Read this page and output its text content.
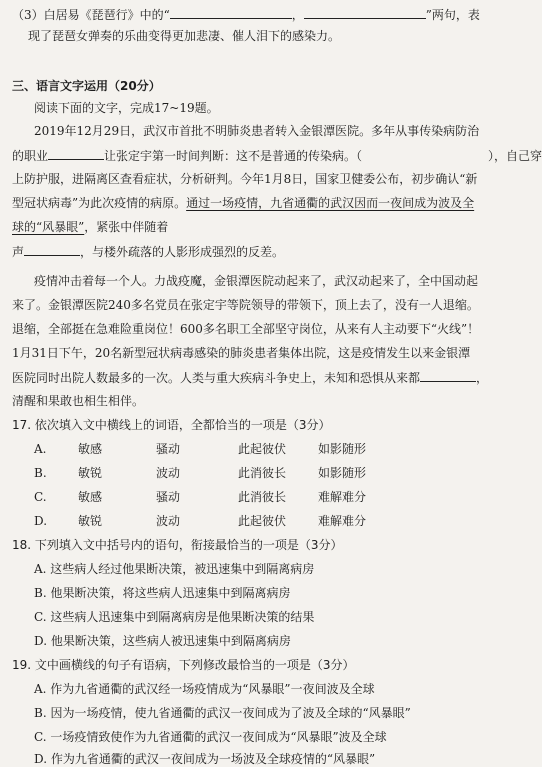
（3）白居易《琵琶行》中的“	，	”两句，表
现了琵琶女弹奏的乐曲变得更加悲凄、催人泪下的感染力。
三、语言文字运用（20分）
阅读下面的文字，完成17~19题。
2019年12月29日，武汉市首批不明肺炎患者转入金银潭医院。多年从事传染病防治
的职业	让张定宇第一时间判断：这不是普通的传染病。（	），自己穿
上防护服，进隔离区查看症状，分析研判。今年1月8日，国家卫健委公布，初步确认“新
型冠状病毒”为此次疫情的病原。通过一场疫情，九省通衢的武汉因而一夜间成为波及全
球的“风暴眼”，紧张中伴随着
声	，与楼外疏落的人影形成强烈的反差。
疫情冲击着每一个人。力战疫魔，金银潭医院动起来了，武汉动起来了，全中国动起
来了。金银潭医院240多名党员在张定宇等院领导的带领下，顶上去了，没有一人退缩。
退缩，全部挺在急难险重岗位！600多名职工全部坚守岗位，从来有人主动要下“火线”！
1月31日下午，20名新型冠状病毒感染的肺炎患者集体出院，这是疫情发生以来金银潭
医院同时出院人数最多的一次。人类与重大疾病斗争史上，未知和恐惧从来都	，
清醒和果敢也相生相伴。
17. 依次填入文中横线上的词语，全都恰当的一项是（3分）
A.	敏感	骚动	此起彼伏	如影随形
B.	敏锐	波动	此消彼长	如影随形
C.	敏感	骚动	此消彼长	难解难分
D.	敏锐	波动	此起彼伏	难解难分
18. 下列填入文中括号内的语句，衔接最恰当的一项是（3分）
A. 这些病人经过他果断决策，被迅速集中到隔离病房
B. 他果断决策，将这些病人迅速集中到隔离病房
C. 这些病人迅速集中到隔离病房是他果断决策的结果
D. 他果断决策，这些病人被迅速集中到隔离病房
19. 文中画横线的句子有语病，下列修改最恰当的一项是（3分）
A. 作为九省通衢的武汉经一场疫情成为“风暴眼”一夜间波及全球
B. 因为一场疫情，使九省通衢的武汉一夜间成为了波及全球的“风暴眼”
C. 一场疫情致使作为九省通衢的武汉一夜间成为“风暴眼”波及全球
D. 作为九省通衢的武汉一夜间成为一场波及全球疫情的“风暴眼”
